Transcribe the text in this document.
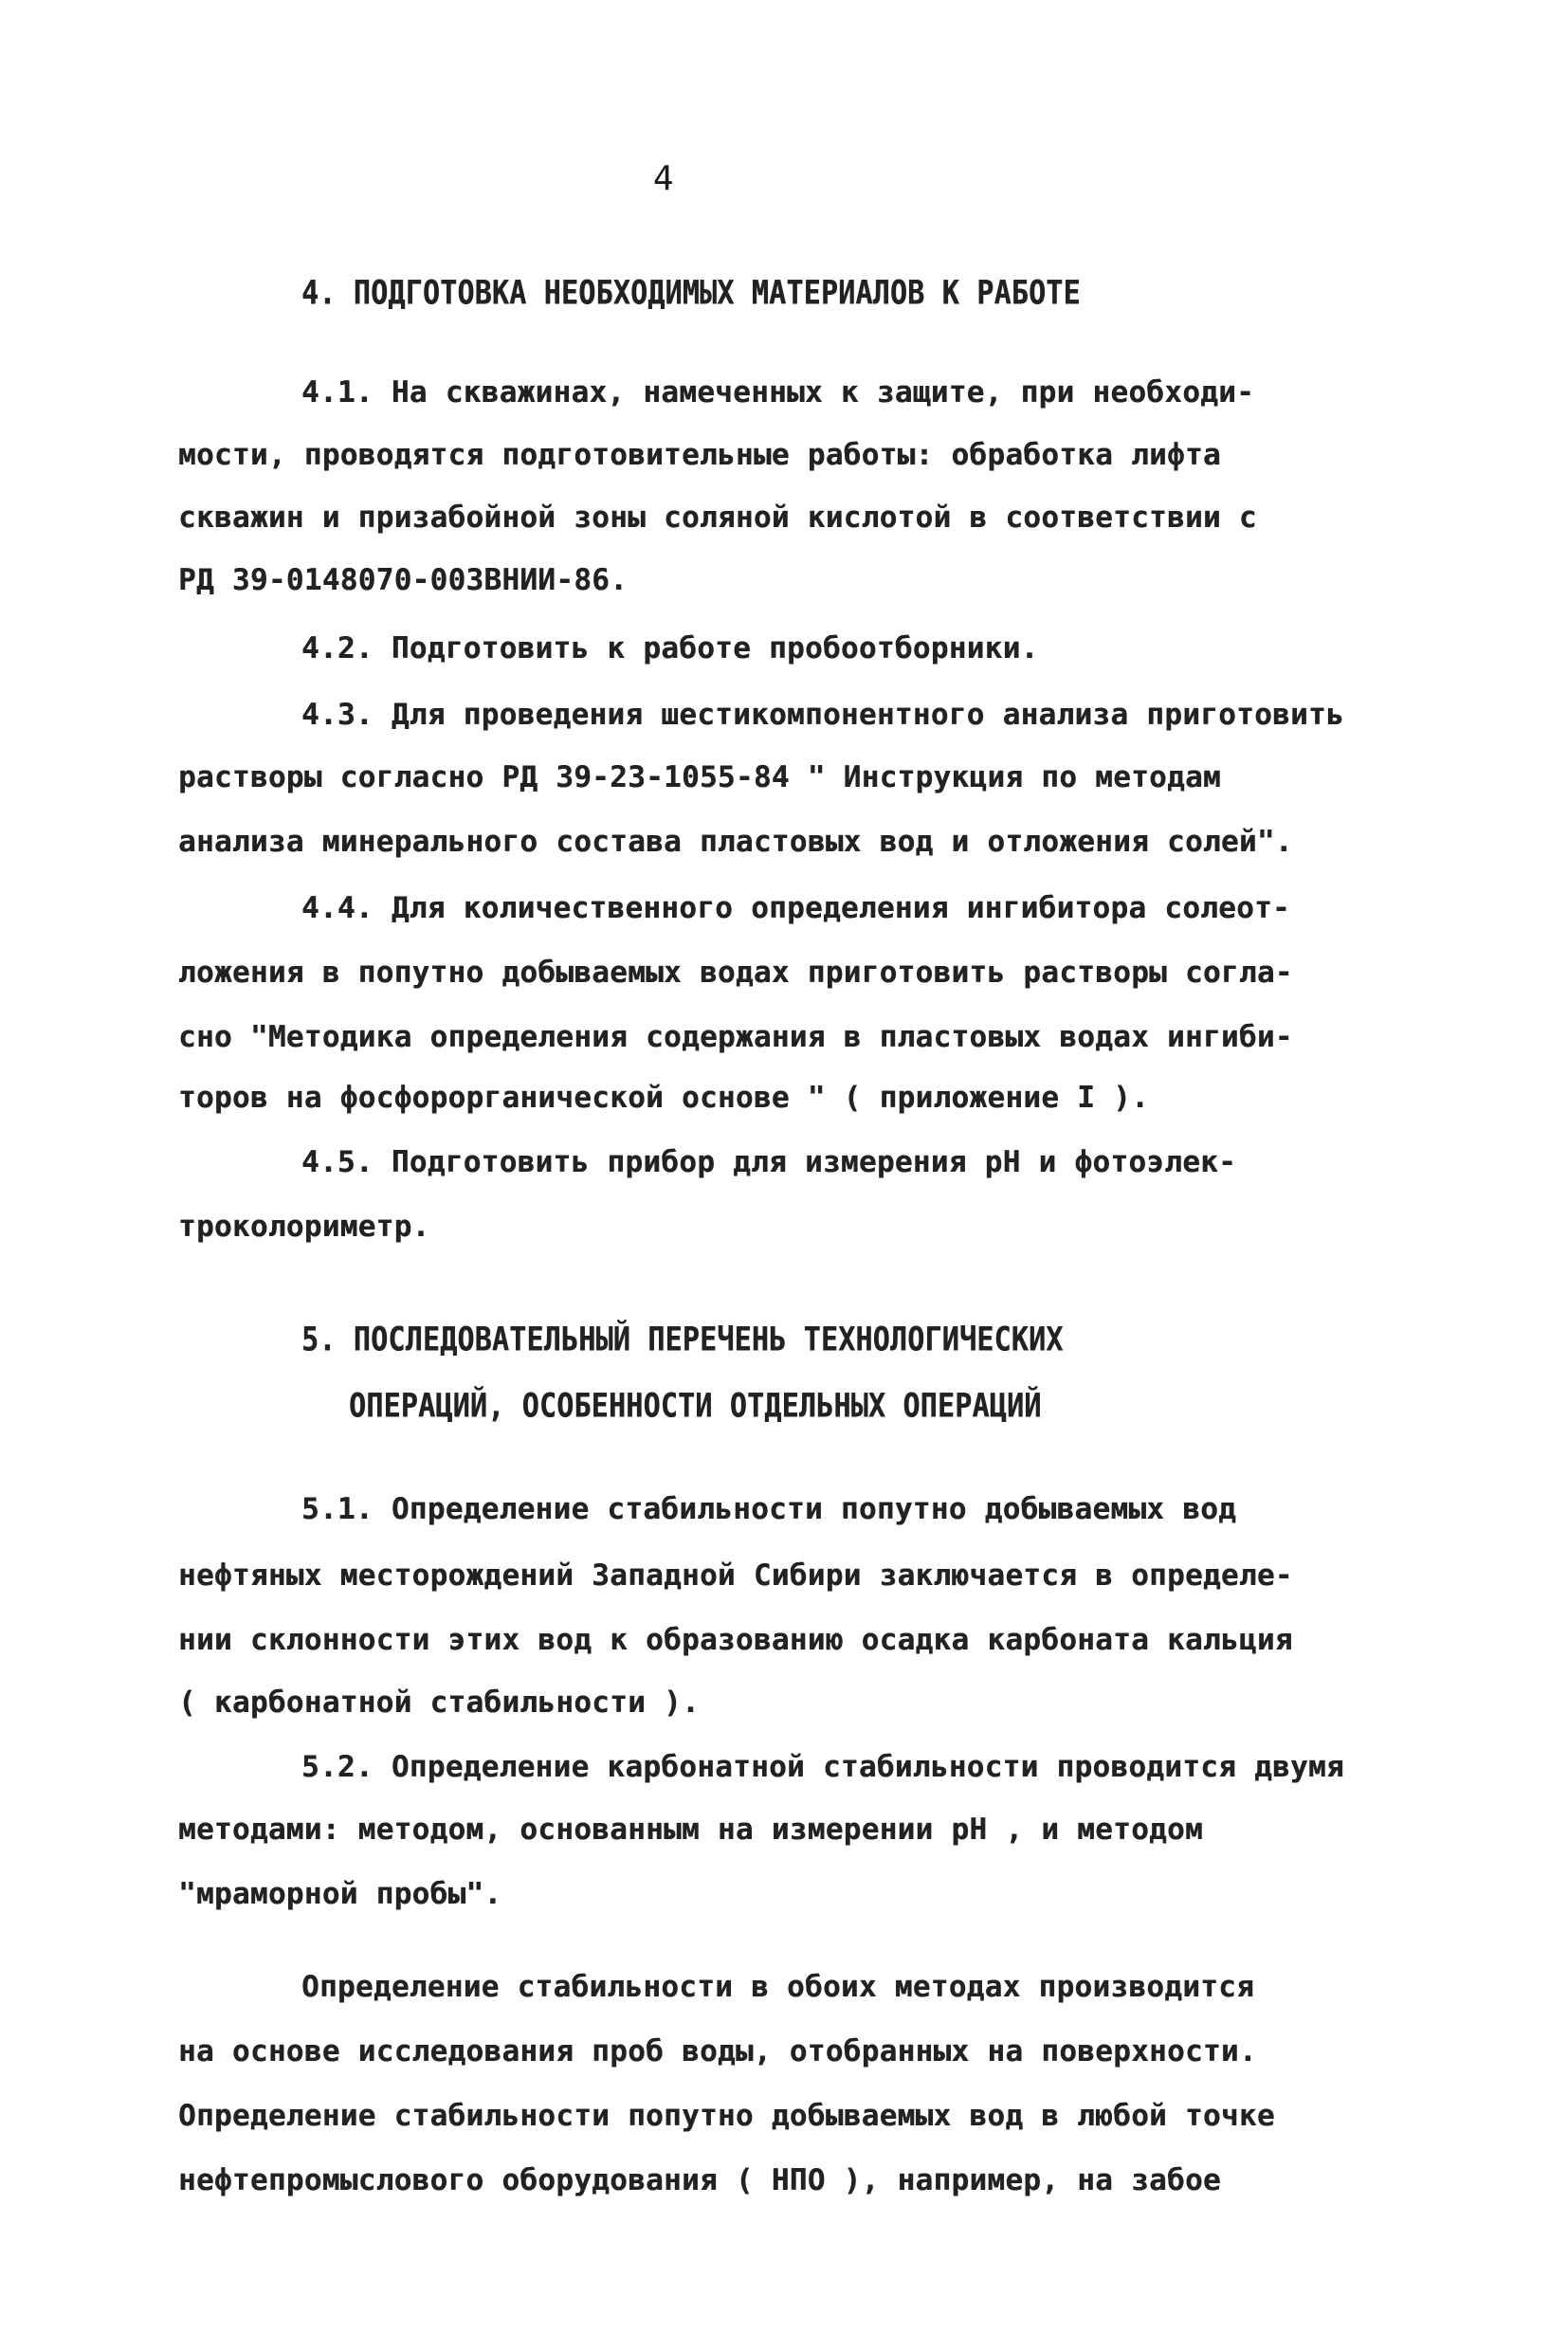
4
4. ПОДГОТОВКА НЕОБХОДИМЫХ МАТЕРИАЛОВ К РАБОТЕ
4.1. На скважинах, намеченных к защите, при необходи-
мости, проводятся подготовительные работы: обработка лифта
скважин и призабойной зоны соляной кислотой в соответствии с
РД 39-0148070-003ВНИИ-86.
4.2. Подготовить к работе пробоотборники.
4.3. Для проведения шестикомпонентного анализа приготовить
растворы согласно РД 39-23-1055-84 " Инструкция по методам
анализа минерального состава пластовых вод и отложения солей".
4.4. Для количественного определения ингибитора солеот-
ложения в попутно добываемых водах приготовить растворы согла-
сно "Методика определения содержания в пластовых водах ингиби-
торов на фосфорорганической основе " ( приложение I ).
4.5. Подготовить прибор для измерения pH и фотоэлек-
троколориметр.
5. ПОСЛЕДОВАТЕЛЬНЫЙ ПЕРЕЧЕНЬ ТЕХНОЛОГИЧЕСКИХ
ОПЕРАЦИЙ, ОСОБЕННОСТИ ОТДЕЛЬНЫХ ОПЕРАЦИЙ
5.1. Определение стабильности попутно добываемых вод
нефтяных месторождений Западной Сибири заключается в определе-
нии склонности этих вод к образованию осадка карбоната кальция
( карбонатной стабильности ).
5.2. Определение карбонатной стабильности проводится двумя
методами: методом, основанным на измерении pH , и методом
"мраморной пробы".
Определение стабильности в обоих методах производится
на основе исследования проб воды, отобранных на поверхности.
Определение стабильности попутно добываемых вод в любой точке
нефтепромыслового оборудования ( НПО ), например, на забое
